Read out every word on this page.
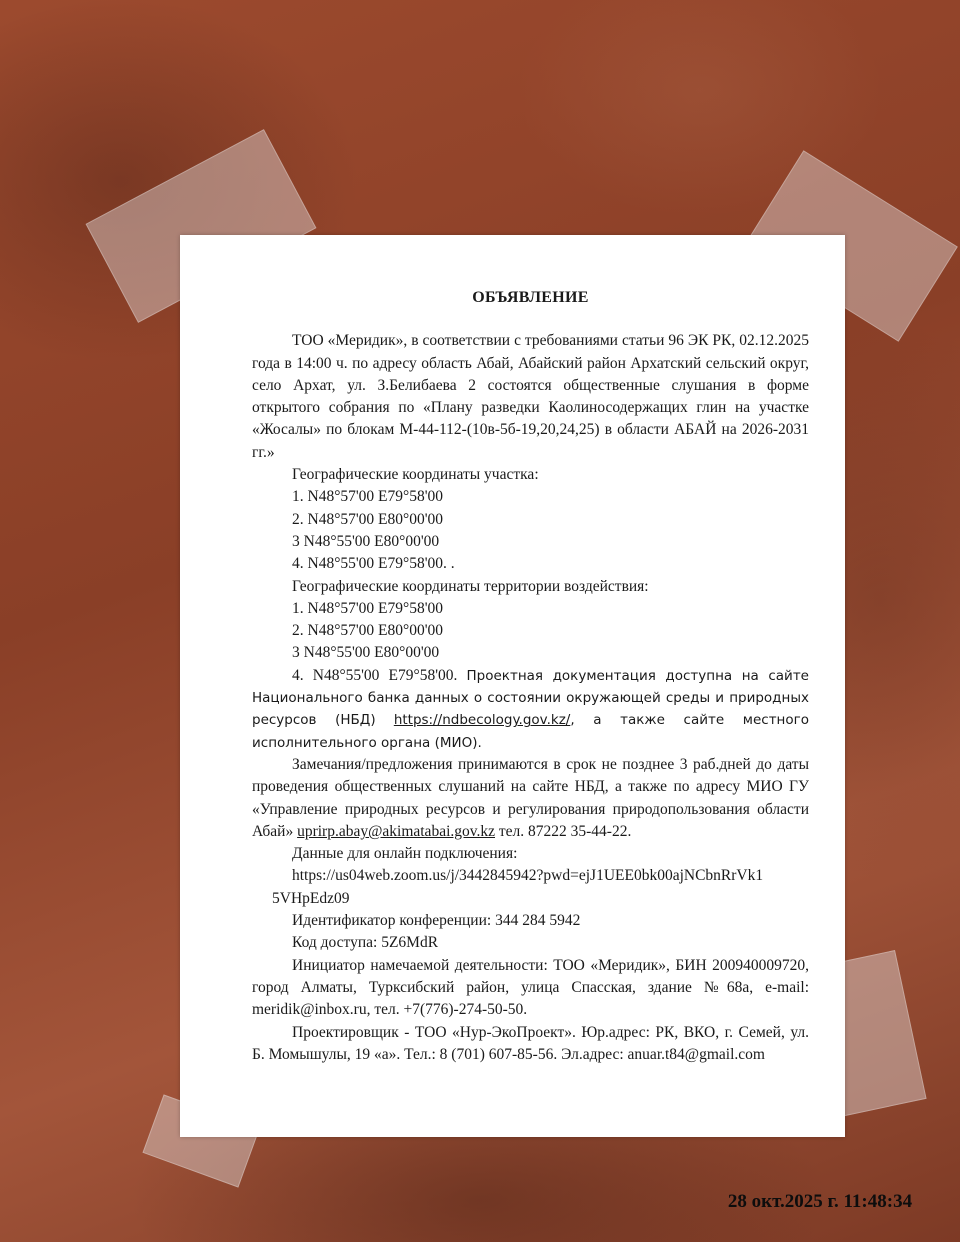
ОБЪЯВЛЕНИЕ

ТОО «Меридик», в соответствии с требованиями статьи 96 ЭК РК, 02.12.2025 года в 14:00 ч. по адресу область Абай, Абайский район Архатский сельский округ, село Архат, ул. З.Белибаева 2 состоятся общественные слушания в форме открытого собрания по «Плану разведки Каолиносодержащих глин на участке «Жосалы» по блокам М-44-112-(10в-5б-19,20,24,25) в области АБАЙ на 2026-2031 гг.»

Географические координаты участка:

1. N48°57'00 E79°58'00

2. N48°57'00 E80°00'00

3 N48°55'00 E80°00'00

4. N48°55'00 E79°58'00. .

Географические координаты территории воздействия:

1. N48°57'00 E79°58'00

2. N48°57'00 E80°00'00

3 N48°55'00 E80°00'00

4. N48°55'00 E79°58'00. Проектная документация доступна на сайте Национального банка данных о состоянии окружающей среды и природных ресурсов (НБД) https://ndbecology.gov.kz/, а также сайте местного исполнительного органа (МИО).

Замечания/предложения принимаются в срок не позднее 3 раб.дней до даты проведения общественных слушаний на сайте НБД, а также по адресу МИО ГУ «Управление природных ресурсов и регулирования природопользования области Абай» uprirp.abay@akimatabai.gov.kz тел. 87222 35-44-22.

Данные для онлайн подключения:

https://us04web.zoom.us/j/3442845942?pwd=ejJ1UEE0bk00ajNCbnRrVk1

5VHpEdz09

Идентификатор конференции: 344 284 5942

Код доступа: 5Z6MdR

Инициатор намечаемой деятельности: ТОО «Меридик», БИН 200940009720, город Алматы, Турксибский район, улица Спасская, здание №68а, e-mail: meridik@inbox.ru, тел. +7(776)-274-50-50.

Проектировщик - ТОО «Нур-ЭкоПроект». Юр.адрес: РК, ВКО, г. Семей, ул. Б. Момышулы, 19 «а». Тел.: 8 (701) 607-85-56. Эл.адрес: anuar.t84@gmail.com

28 окт.2025 г. 11:48:34
